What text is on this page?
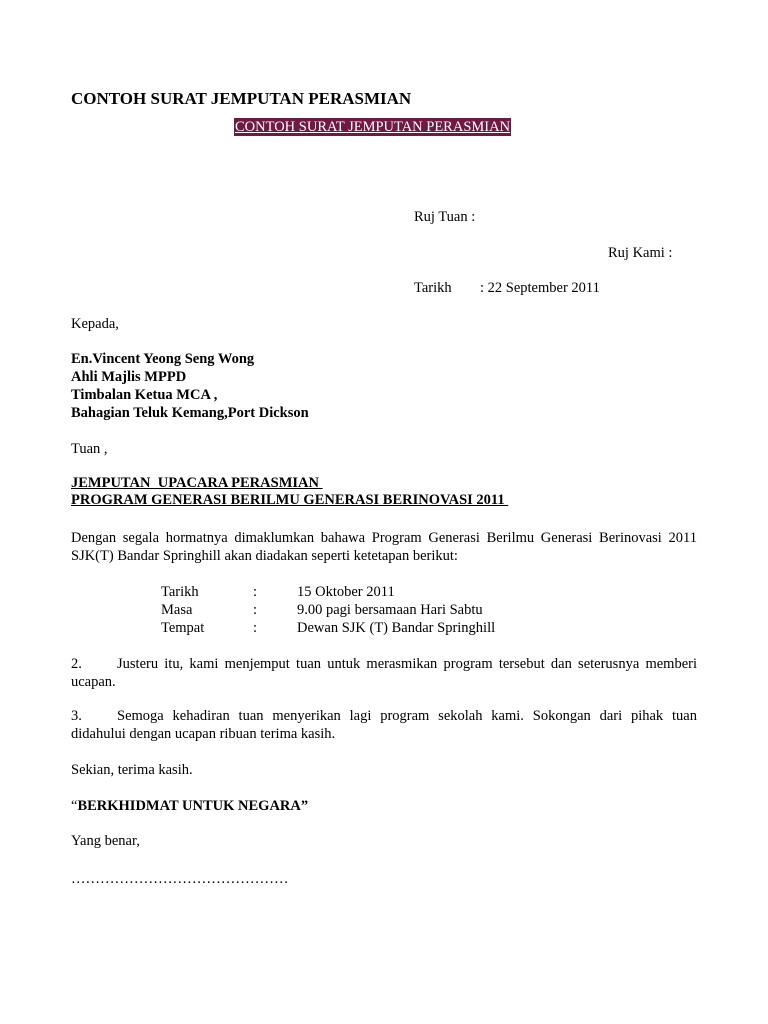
CONTOH SURAT JEMPUTAN PERASMIAN
CONTOH SURAT JEMPUTAN PERASMIAN
Ruj Tuan :
Ruj Kami :
Tarikh : 22 September 2011
Kepada,
En.Vincent Yeong Seng Wong
Ahli Majlis MPPD
Timbalan Ketua MCA ,
Bahagian Teluk Kemang,Port Dickson
Tuan ,
JEMPUTAN  UPACARA PERASMIAN
PROGRAM GENERASI BERILMU GENERASI BERINOVASI 2011
Dengan segala hormatnya dimaklumkan bahawa Program Generasi Berilmu Generasi Berinovasi 2011 SJK(T) Bandar Springhill akan diadakan seperti ketetapan berikut:
Tarikh	:	15 Oktober 2011
Masa	:	9.00 pagi bersamaan Hari Sabtu
Tempat	:	Dewan SJK (T) Bandar Springhill
2. Justeru itu, kami menjemput tuan untuk merasmikan program tersebut dan seterusnya memberi ucapan.
3. Semoga kehadiran tuan menyerikan lagi program sekolah kami. Sokongan dari pihak tuan didahului dengan ucapan ribuan terima kasih.
Sekian, terima kasih.
“BERKHIDMAT UNTUK NEGARA”
Yang benar,
………………………………………
